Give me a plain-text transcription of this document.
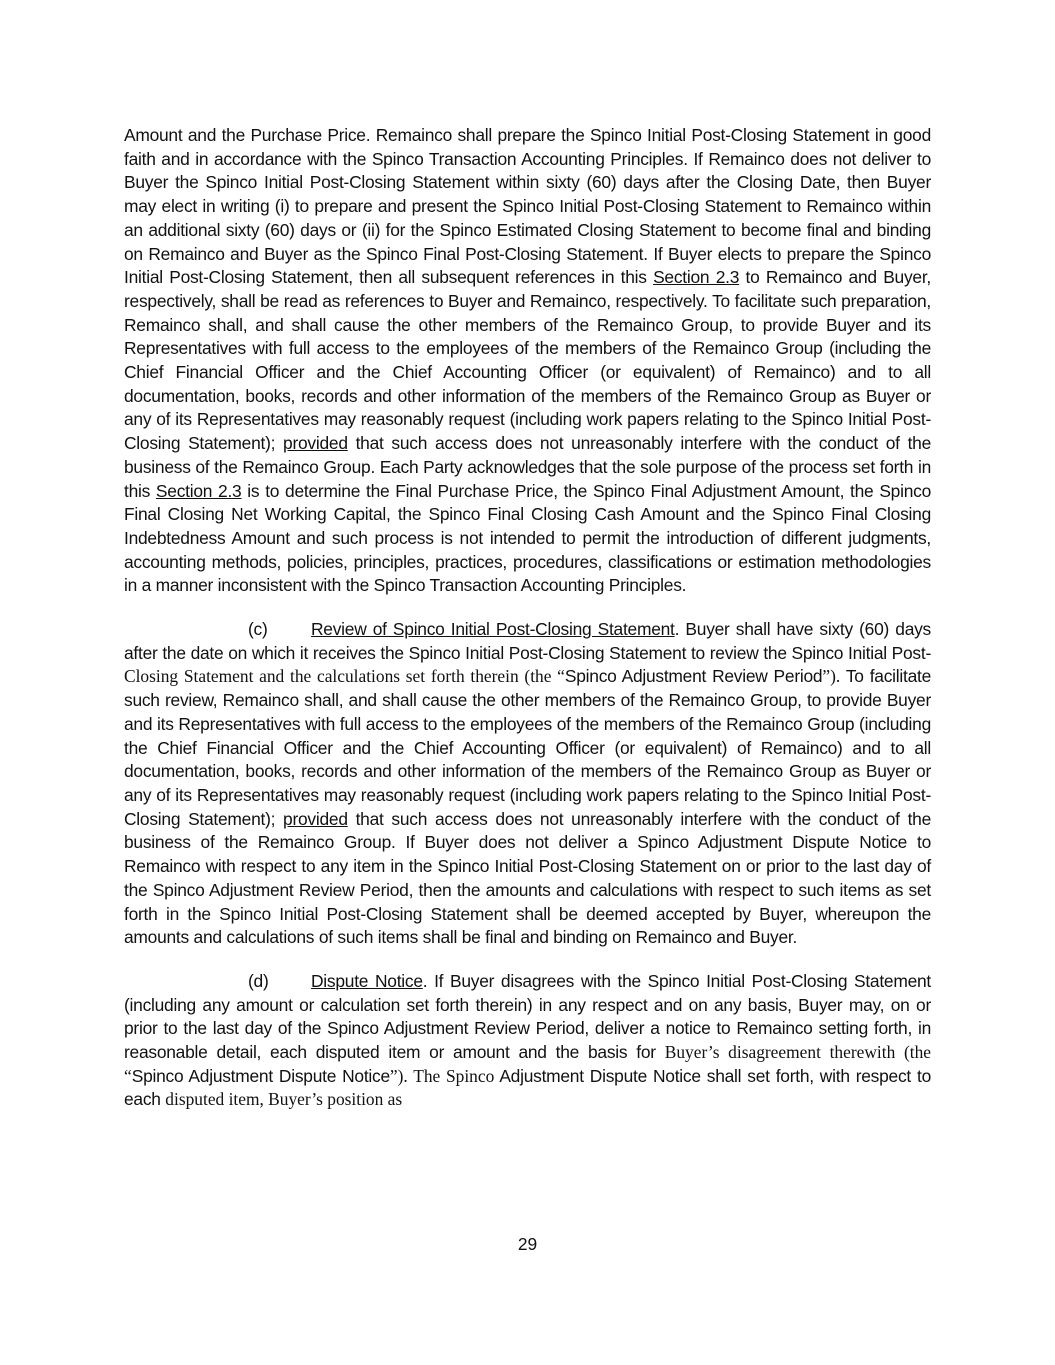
Amount and the Purchase Price. Remainco shall prepare the Spinco Initial Post-Closing Statement in good faith and in accordance with the Spinco Transaction Accounting Principles. If Remainco does not deliver to Buyer the Spinco Initial Post-Closing Statement within sixty (60) days after the Closing Date, then Buyer may elect in writing (i) to prepare and present the Spinco Initial Post-Closing Statement to Remainco within an additional sixty (60) days or (ii) for the Spinco Estimated Closing Statement to become final and binding on Remainco and Buyer as the Spinco Final Post-Closing Statement. If Buyer elects to prepare the Spinco Initial Post-Closing Statement, then all subsequent references in this Section 2.3 to Remainco and Buyer, respectively, shall be read as references to Buyer and Remainco, respectively. To facilitate such preparation, Remainco shall, and shall cause the other members of the Remainco Group, to provide Buyer and its Representatives with full access to the employees of the members of the Remainco Group (including the Chief Financial Officer and the Chief Accounting Officer (or equivalent) of Remainco) and to all documentation, books, records and other information of the members of the Remainco Group as Buyer or any of its Representatives may reasonably request (including work papers relating to the Spinco Initial Post-Closing Statement); provided that such access does not unreasonably interfere with the conduct of the business of the Remainco Group. Each Party acknowledges that the sole purpose of the process set forth in this Section 2.3 is to determine the Final Purchase Price, the Spinco Final Adjustment Amount, the Spinco Final Closing Net Working Capital, the Spinco Final Closing Cash Amount and the Spinco Final Closing Indebtedness Amount and such process is not intended to permit the introduction of different judgments, accounting methods, policies, principles, practices, procedures, classifications or estimation methodologies in a manner inconsistent with the Spinco Transaction Accounting Principles.

(c) Review of Spinco Initial Post-Closing Statement. Buyer shall have sixty (60) days after the date on which it receives the Spinco Initial Post-Closing Statement to review the Spinco Initial Post-Closing Statement and the calculations set forth therein (the “Spinco Adjustment Review Period”). To facilitate such review, Remainco shall, and shall cause the other members of the Remainco Group, to provide Buyer and its Representatives with full access to the employees of the members of the Remainco Group (including the Chief Financial Officer and the Chief Accounting Officer (or equivalent) of Remainco) and to all documentation, books, records and other information of the members of the Remainco Group as Buyer or any of its Representatives may reasonably request (including work papers relating to the Spinco Initial Post-Closing Statement); provided that such access does not unreasonably interfere with the conduct of the business of the Remainco Group. If Buyer does not deliver a Spinco Adjustment Dispute Notice to Remainco with respect to any item in the Spinco Initial Post-Closing Statement on or prior to the last day of the Spinco Adjustment Review Period, then the amounts and calculations with respect to such items as set forth in the Spinco Initial Post-Closing Statement shall be deemed accepted by Buyer, whereupon the amounts and calculations of such items shall be final and binding on Remainco and Buyer.

(d) Dispute Notice. If Buyer disagrees with the Spinco Initial Post-Closing Statement (including any amount or calculation set forth therein) in any respect and on any basis, Buyer may, on or prior to the last day of the Spinco Adjustment Review Period, deliver a notice to Remainco setting forth, in reasonable detail, each disputed item or amount and the basis for Buyer’s disagreement therewith (the “Spinco Adjustment Dispute Notice”). The Spinco Adjustment Dispute Notice shall set forth, with respect to each disputed item, Buyer’s position as

29
